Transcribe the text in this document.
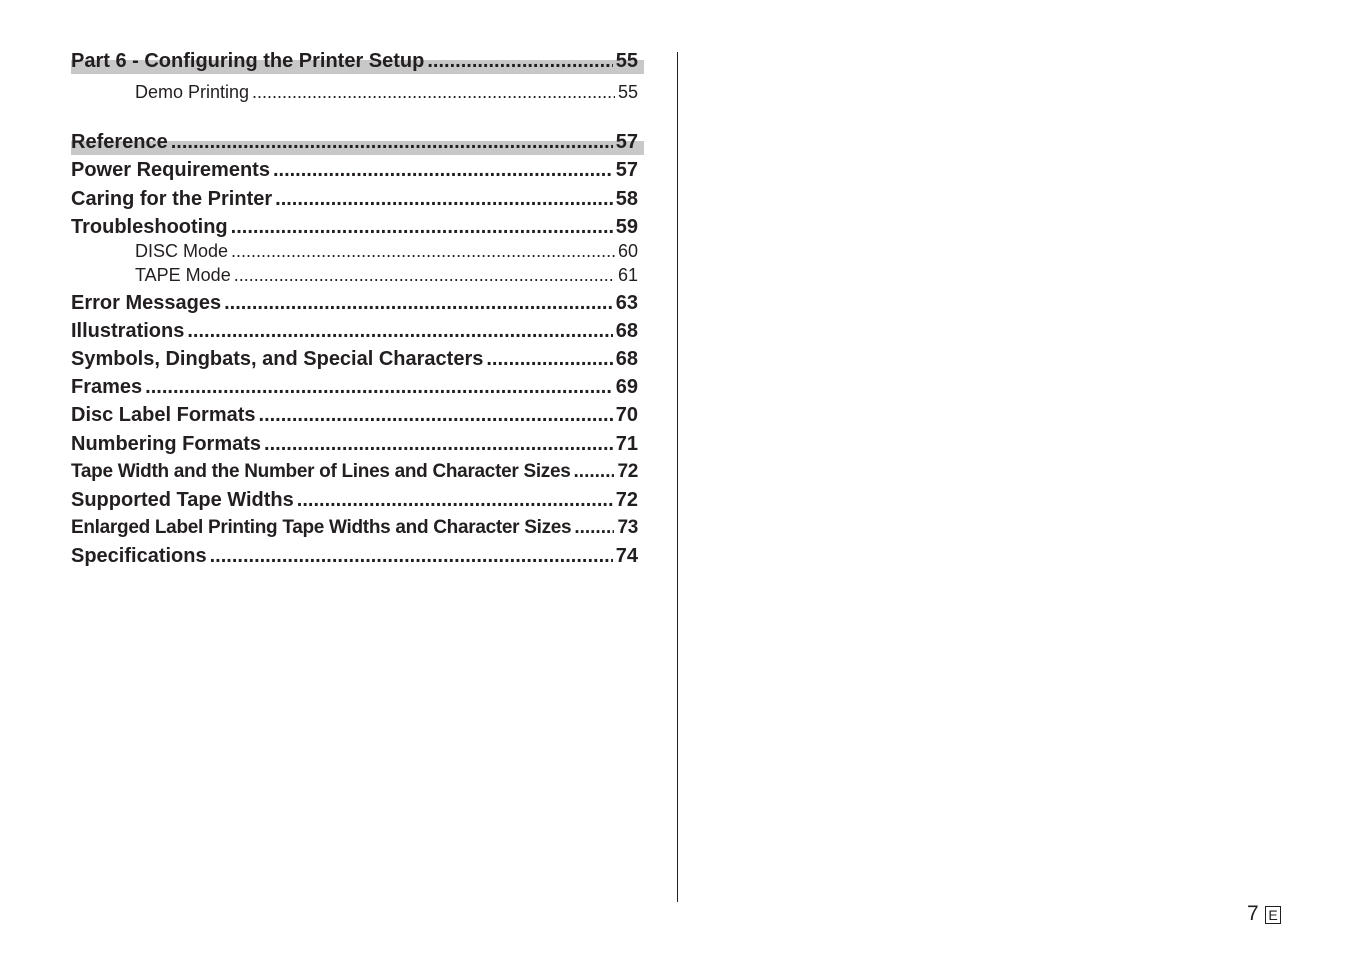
Part 6 - Configuring the Printer Setup .....	55
Demo Printing .....	55
Reference .....	57
Power Requirements .....	57
Caring for the Printer .....	58
Troubleshooting .....	59
DISC Mode .....	60
TAPE Mode .....	61
Error Messages .....	63
Illustrations .....	68
Symbols, Dingbats, and Special Characters .....	68
Frames .....	69
Disc Label Formats .....	70
Numbering Formats .....	71
Tape Width and the Number of Lines and Character Sizes ..... 72
Supported Tape Widths .....	72
Enlarged Label Printing Tape Widths and Character Sizes ..... 73
Specifications .....	74
7 E
